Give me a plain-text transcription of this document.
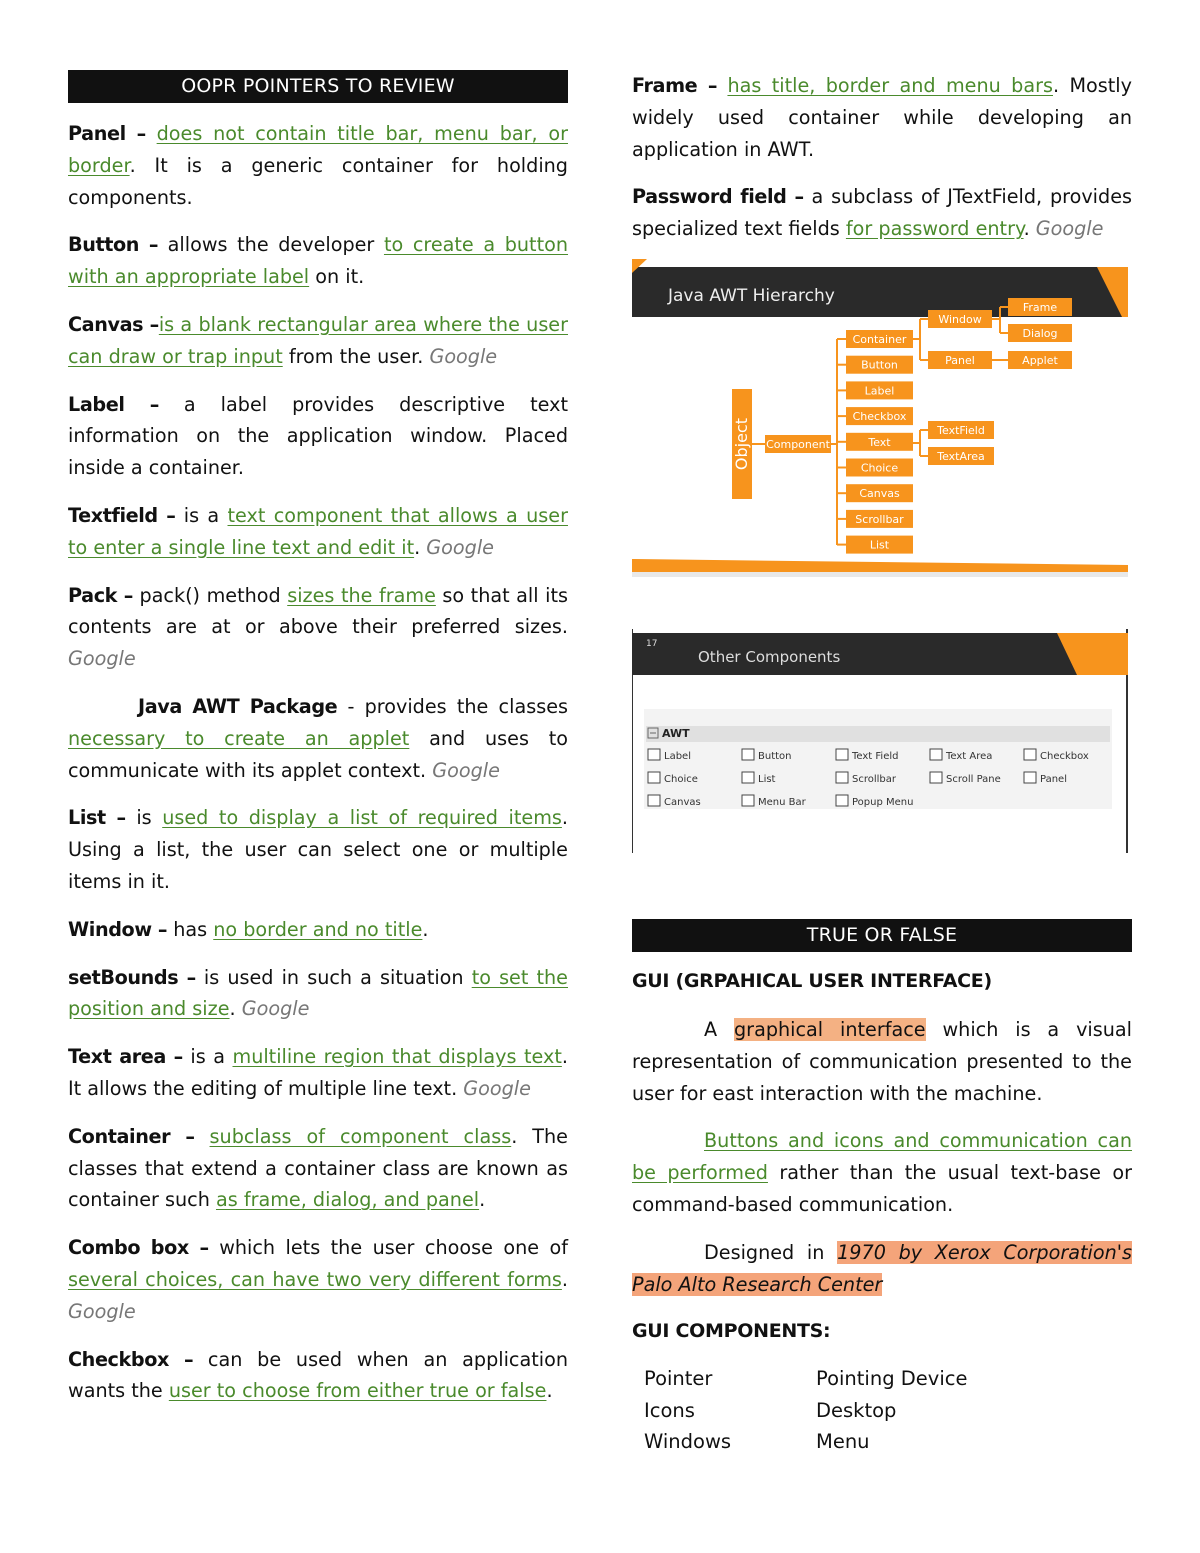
OOPR POINTERS TO REVIEW

Panel – does not contain title bar, menu bar, or border. It is a generic container for holding components.

Button – allows the developer to create a button with an appropriate label on it.

Canvas –is a blank rectangular area where the user can draw or trap input from the user. Google

Label – a label provides descriptive text information on the application window. Placed inside a container.

Textfield – is a text component that allows a user to enter a single line text and edit it. Google

Pack – pack() method sizes the frame so that all its contents are at or above their preferred sizes. Google

Java AWT Package - provides the classes necessary to create an applet and uses to communicate with its applet context. Google

List – is used to display a list of required items. Using a list, the user can select one or multiple items in it.

Window – has no border and no title.

setBounds – is used in such a situation to set the position and size. Google

Text area – is a multiline region that displays text. It allows the editing of multiple line text. Google

Container – subclass of component class. The classes that extend a container class are known as container such as frame, dialog, and panel.

Combo box – which lets the user choose one of several choices, can have two very different forms. Google

Checkbox – can be used when an application wants the user to choose from either true or false.

Frame – has title, border and menu bars. Mostly widely used container while developing an application in AWT.

Password field – a subclass of JTextField, provides specialized text fields for password entry. Google

Java AWT Hierarchy
Object Component
Container
Button
Label
Checkbox
Text
Choice
Canvas
Scrollbar
List
Window
Panel
Frame
Dialog
Applet
TextField
TextArea
17
Other Components
AWT
Label	Button	Text Field	Text Area	Checkbox
Choice	List	Scrollbar	Scroll Pane	Panel
Canvas	Menu Bar	Popup Menu
TRUE OR FALSE

GUI (GRPAHICAL USER INTERFACE)

A graphical interface which is a visual representation of communication presented to the user for east interaction with the machine.

Buttons and icons and communication can be performed rather than the usual text-base or command-based communication.

Designed in 1970 by Xerox Corporation's Palo Alto Research Center

GUI COMPONENTS:

Pointer	Pointing Device
Icons	Desktop
Windows	Menu
